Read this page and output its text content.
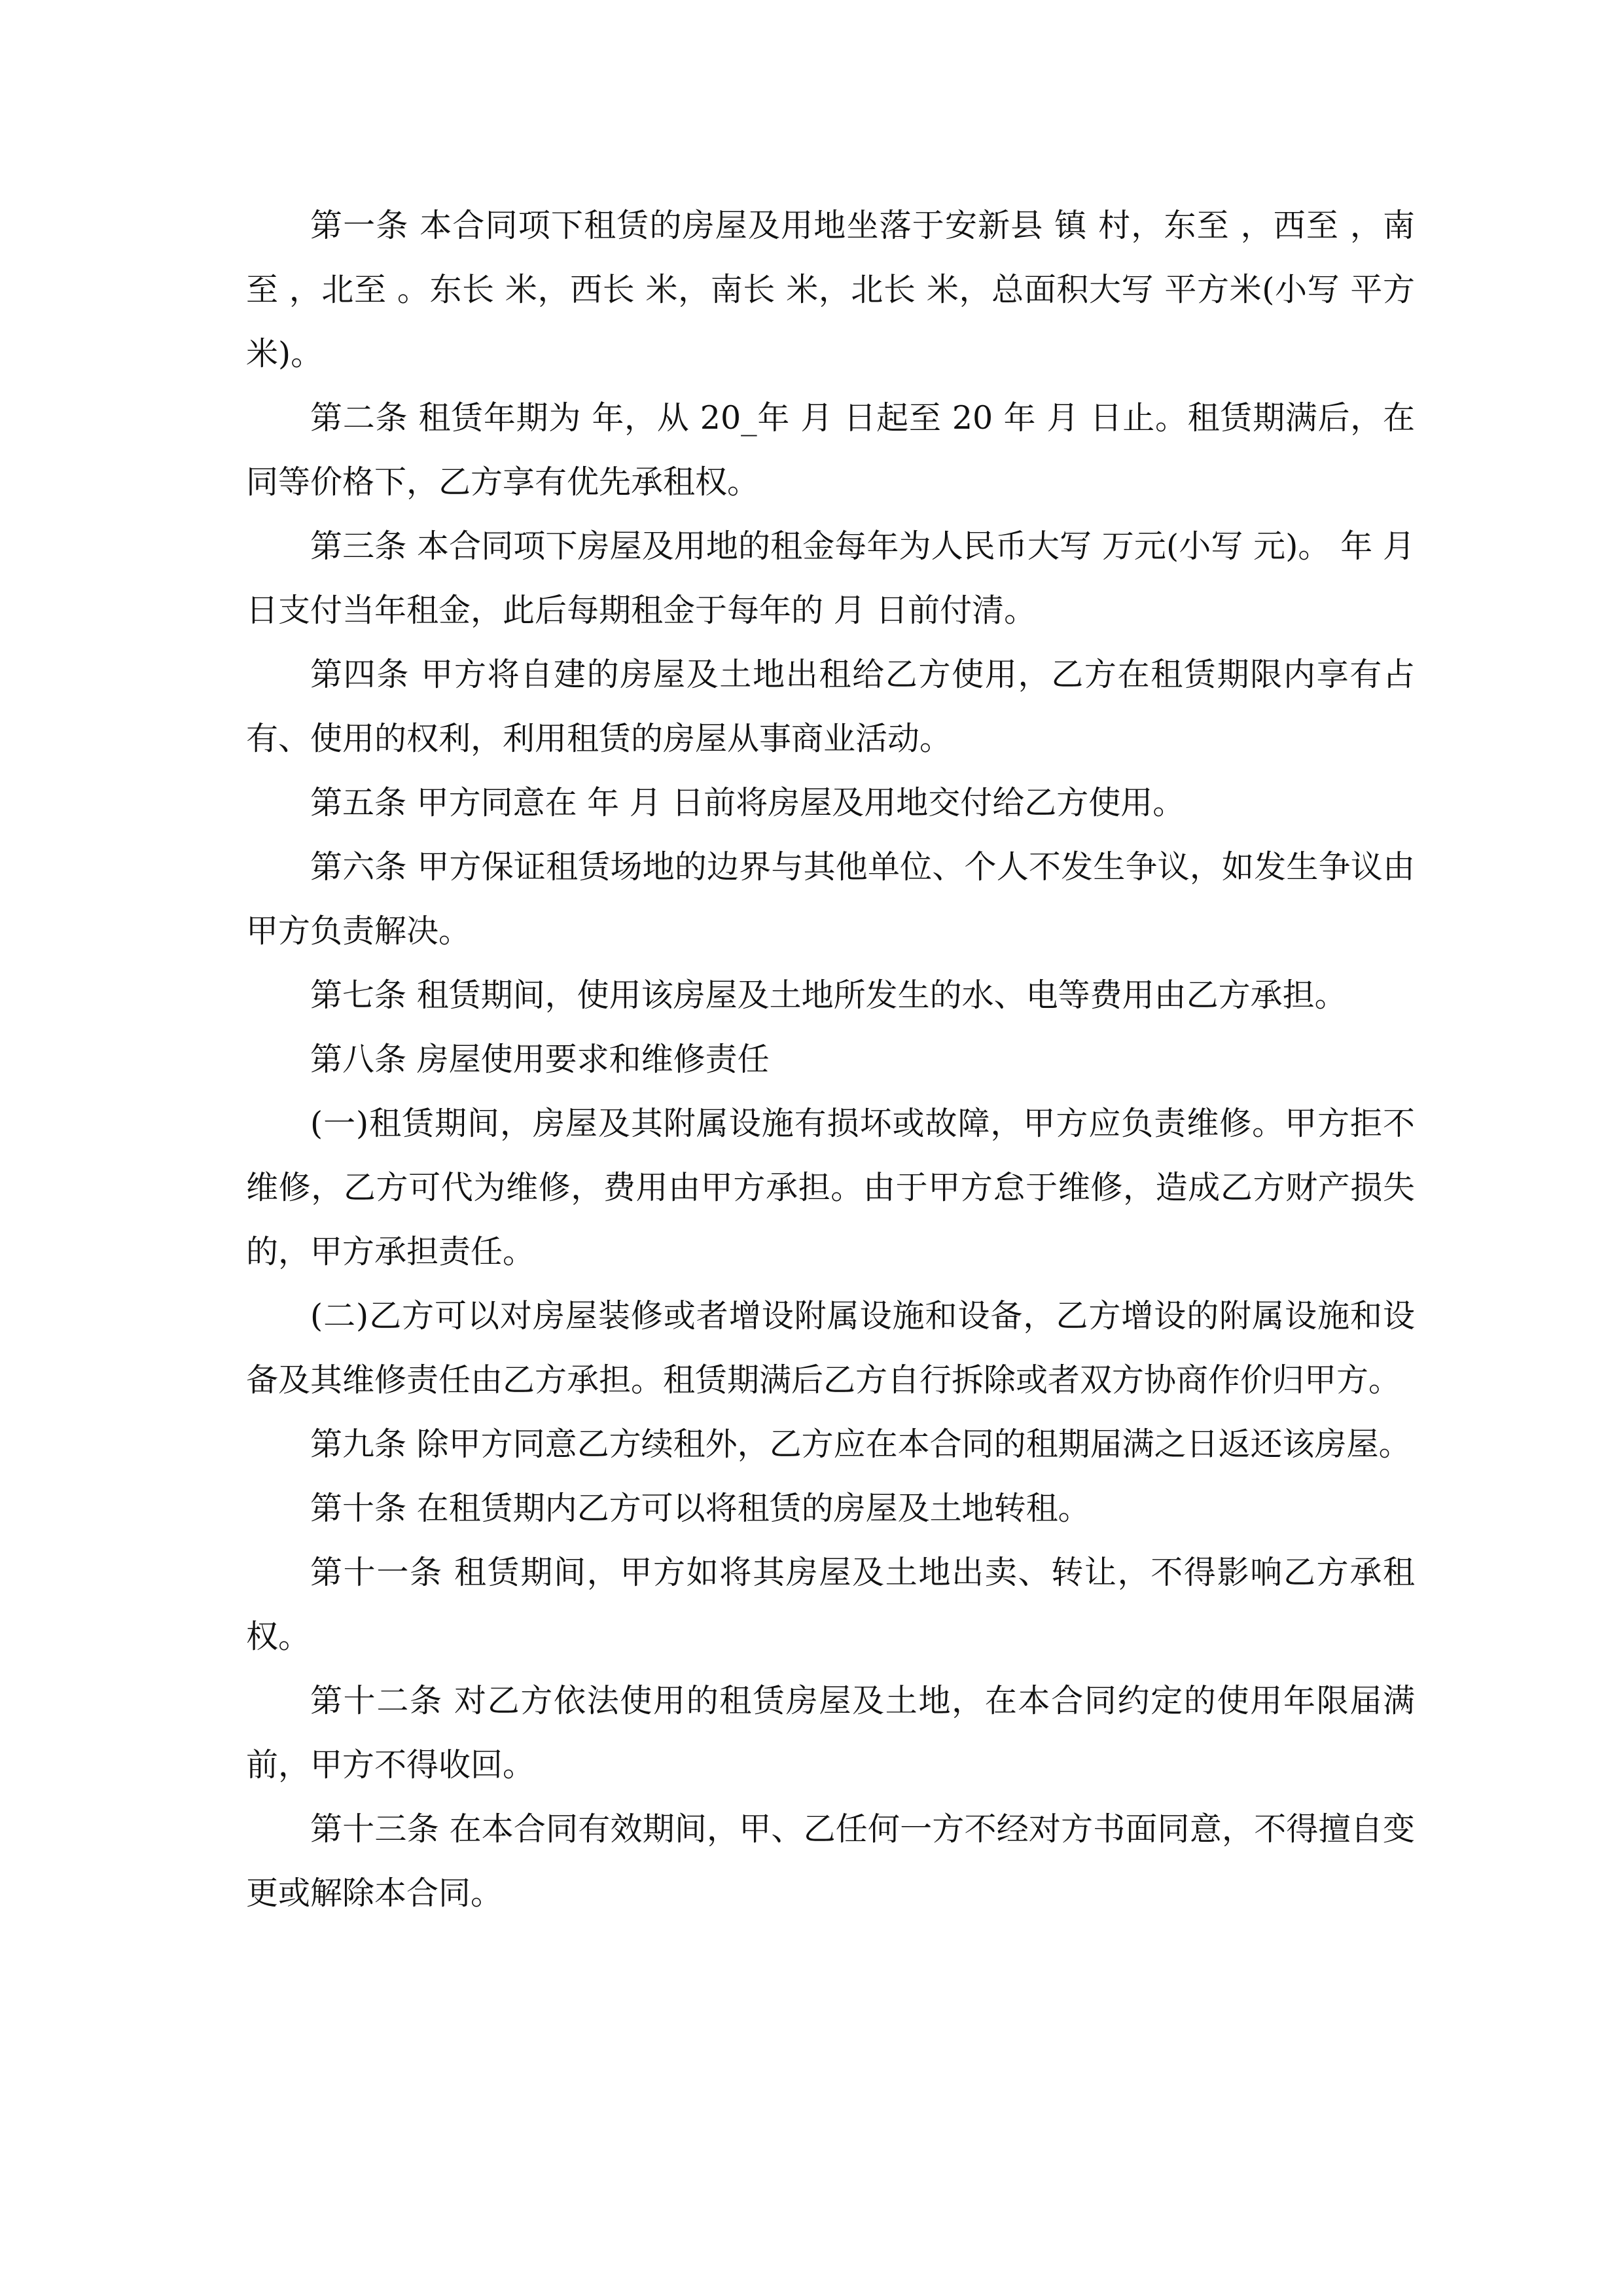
第一条 本合同项下租赁的房屋及用地坐落于安新县 镇 村，东至 ，西至 ，南至 ，北至 。东长 米，西长 米，南长 米，北长 米，总面积大写 平方米(小写 平方米)。

第二条 租赁年期为 年，从 20_年 月 日起至 20 年 月 日止。租赁期满后，在同等价格下，乙方享有优先承租权。

第三条 本合同项下房屋及用地的租金每年为人民币大写 万元(小写 元)。 年 月 日支付当年租金，此后每期租金于每年的 月 日前付清。

第四条 甲方将自建的房屋及土地出租给乙方使用，乙方在租赁期限内享有占有、使用的权利，利用租赁的房屋从事商业活动。

第五条 甲方同意在 年 月 日前将房屋及用地交付给乙方使用。

第六条 甲方保证租赁场地的边界与其他单位、个人不发生争议，如发生争议由甲方负责解决。

第七条 租赁期间，使用该房屋及土地所发生的水、电等费用由乙方承担。

第八条 房屋使用要求和维修责任

(一)租赁期间，房屋及其附属设施有损坏或故障，甲方应负责维修。甲方拒不维修，乙方可代为维修，费用由甲方承担。由于甲方怠于维修，造成乙方财产损失的，甲方承担责任。

(二)乙方可以对房屋装修或者增设附属设施和设备，乙方增设的附属设施和设备及其维修责任由乙方承担。租赁期满后乙方自行拆除或者双方协商作价归甲方。

第九条 除甲方同意乙方续租外，乙方应在本合同的租期届满之日返还该房屋。

第十条 在租赁期内乙方可以将租赁的房屋及土地转租。

第十一条 租赁期间，甲方如将其房屋及土地出卖、转让，不得影响乙方承租权。

第十二条 对乙方依法使用的租赁房屋及土地，在本合同约定的使用年限届满前，甲方不得收回。

第十三条 在本合同有效期间，甲、乙任何一方不经对方书面同意，不得擅自变更或解除本合同。
